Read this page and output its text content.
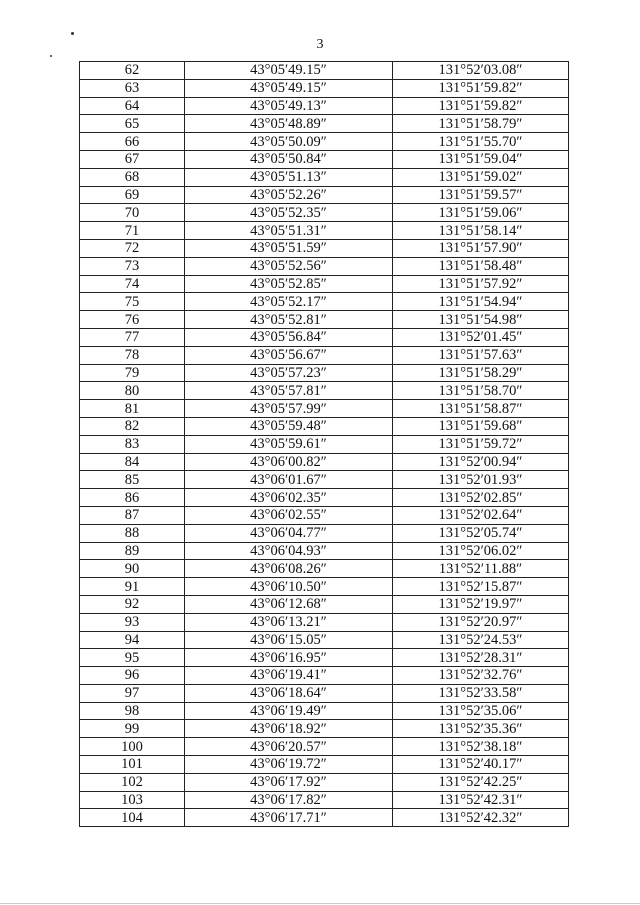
3
62	43°05′49.15″	131°52′03.08″
63	43°05′49.15″	131°51′59.82″
64	43°05′49.13″	131°51′59.82″
65	43°05′48.89″	131°51′58.79″
66	43°05′50.09″	131°51′55.70″
67	43°05′50.84″	131°51′59.04″
68	43°05′51.13″	131°51′59.02″
69	43°05′52.26″	131°51′59.57″
70	43°05′52.35″	131°51′59.06″
71	43°05′51.31″	131°51′58.14″
72	43°05′51.59″	131°51′57.90″
73	43°05′52.56″	131°51′58.48″
74	43°05′52.85″	131°51′57.92″
75	43°05′52.17″	131°51′54.94″
76	43°05′52.81″	131°51′54.98″
77	43°05′56.84″	131°52′01.45″
78	43°05′56.67″	131°51′57.63″
79	43°05′57.23″	131°51′58.29″
80	43°05′57.81″	131°51′58.70″
81	43°05′57.99″	131°51′58.87″
82	43°05′59.48″	131°51′59.68″
83	43°05′59.61″	131°51′59.72″
84	43°06′00.82″	131°52′00.94″
85	43°06′01.67″	131°52′01.93″
86	43°06′02.35″	131°52′02.85″
87	43°06′02.55″	131°52′02.64″
88	43°06′04.77″	131°52′05.74″
89	43°06′04.93″	131°52′06.02″
90	43°06′08.26″	131°52′11.88″
91	43°06′10.50″	131°52′15.87″
92	43°06′12.68″	131°52′19.97″
93	43°06′13.21″	131°52′20.97″
94	43°06′15.05″	131°52′24.53″
95	43°06′16.95″	131°52′28.31″
96	43°06′19.41″	131°52′32.76″
97	43°06′18.64″	131°52′33.58″
98	43°06′19.49″	131°52′35.06″
99	43°06′18.92″	131°52′35.36″
100	43°06′20.57″	131°52′38.18″
101	43°06′19.72″	131°52′40.17″
102	43°06′17.92″	131°52′42.25″
103	43°06′17.82″	131°52′42.31″
104	43°06′17.71″	131°52′42.32″
